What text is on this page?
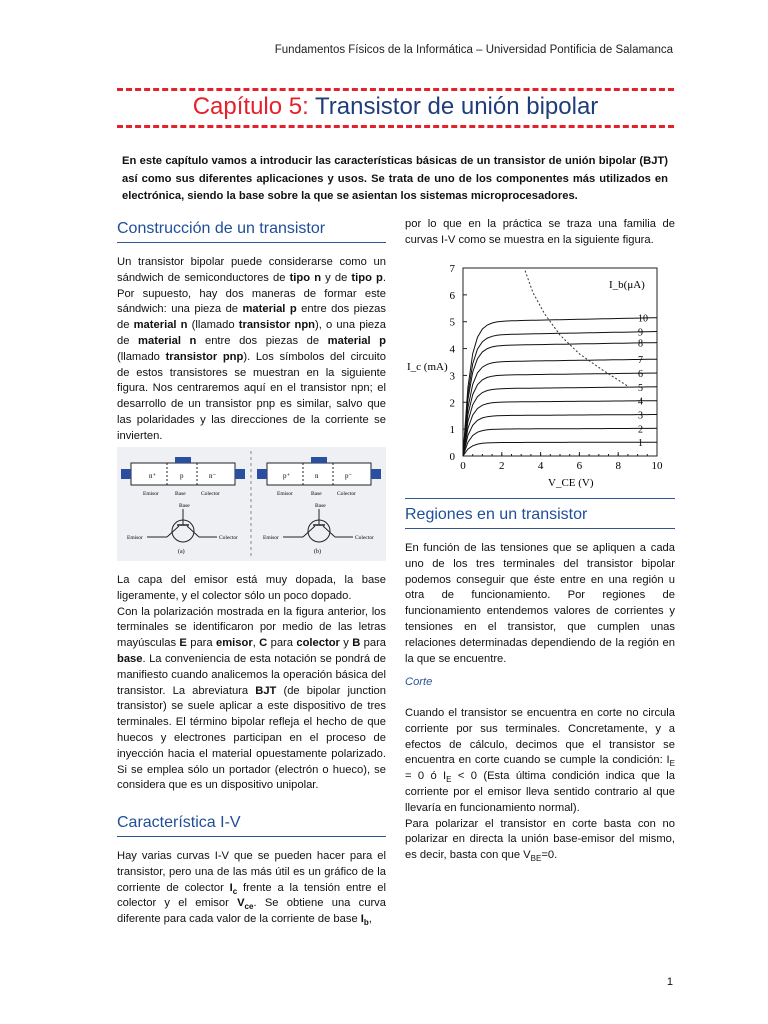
Fundamentos Físicos de la Informática – Universidad Pontificia de Salamanca
Capítulo 5: Transistor de unión bipolar
En este capítulo vamos a introducir las características básicas de un transistor de unión bipolar (BJT) así como sus diferentes aplicaciones y usos. Se trata de uno de los componentes más utilizados en electrónica, siendo la base sobre la que se asientan los sistemas microprocesadores.
Construcción de un transistor

Un transistor bipolar puede considerarse como un sándwich de semiconductores de tipo n y de tipo p. Por supuesto, hay dos maneras de formar este sándwich: una pieza de material p entre dos piezas de material n (llamado transistor npn), o una pieza de material n entre dos piezas de material p (llamado transistor pnp). Los símbolos del circuito de estos transistores se muestran en la siguiente figura. Nos centraremos aquí en el transistor npn; el desarrollo de un transistor pnp es similar, salvo que las polaridades y las direcciones de la corriente se invierten.

n⁺	p	n⁻
Emisor	Base	Colector
Base
Emisor	Colector
(a)
p⁺	n	p⁻
Emisor	Base	Colector
Base
Emisor	Colector
(b)

La capa del emisor está muy dopada, la base ligeramente, y el colector sólo un poco dopado.

Con la polarización mostrada en la figura anterior, los terminales se identificaron por medio de las letras mayúsculas E para emisor, C para colector y B para base. La conveniencia de esta notación se pondrá de manifiesto cuando analicemos la operación básica del transistor. La abreviatura BJT (de bipolar junction transistor) se suele aplicar a este dispositivo de tres terminales. El término bipolar refleja el hecho de que huecos y electrones participan en el proceso de inyección hacia el material opuestamente polarizado. Si se emplea sólo un portador (electrón o hueco), se considera que es un dispositivo unipolar.

Característica I-V

Hay varias curvas I-V que se pueden hacer para el transistor, pero una de las más útil es un gráfico de la corriente de colector $I_c$ frente a la tensión entre el colector y el emisor $V_{ce}$. Se obtiene una curva diferente para cada valor de la corriente de base $I_b$,

por lo que en la práctica se traza una familia de curvas I-V como se muestra en la siguiente figura.

0	2	4	6	8	10
1
2
3
4
5
6
7
0
1
2
3
4
5
6
7
8
9
10
I_c (mA)
V_CE (V)
I_b(μA)
Regiones en un transistor

En función de las tensiones que se apliquen a cada uno de los tres terminales del transistor bipolar podemos conseguir que éste entre en una región u otra de funcionamiento. Por regiones de funcionamiento entendemos valores de corrientes y tensiones en el transistor, que cumplen unas relaciones determinadas dependiendo de la región en la que se encuentre.

Corte

Cuando el transistor se encuentra en corte no circula corriente por sus terminales. Concretamente, y a efectos de cálculo, decimos que el transistor se encuentra en corte cuando se cumple la condición: $I_E = 0$ ó $I_E < 0$ (Esta última condición indica que la corriente por el emisor lleva sentido contrario al que llevaría en funcionamiento normal).

Para polarizar el transistor en corte basta con no polarizar en directa la unión base-emisor del mismo, es decir, basta con que $V_{BE}=0$.

1
